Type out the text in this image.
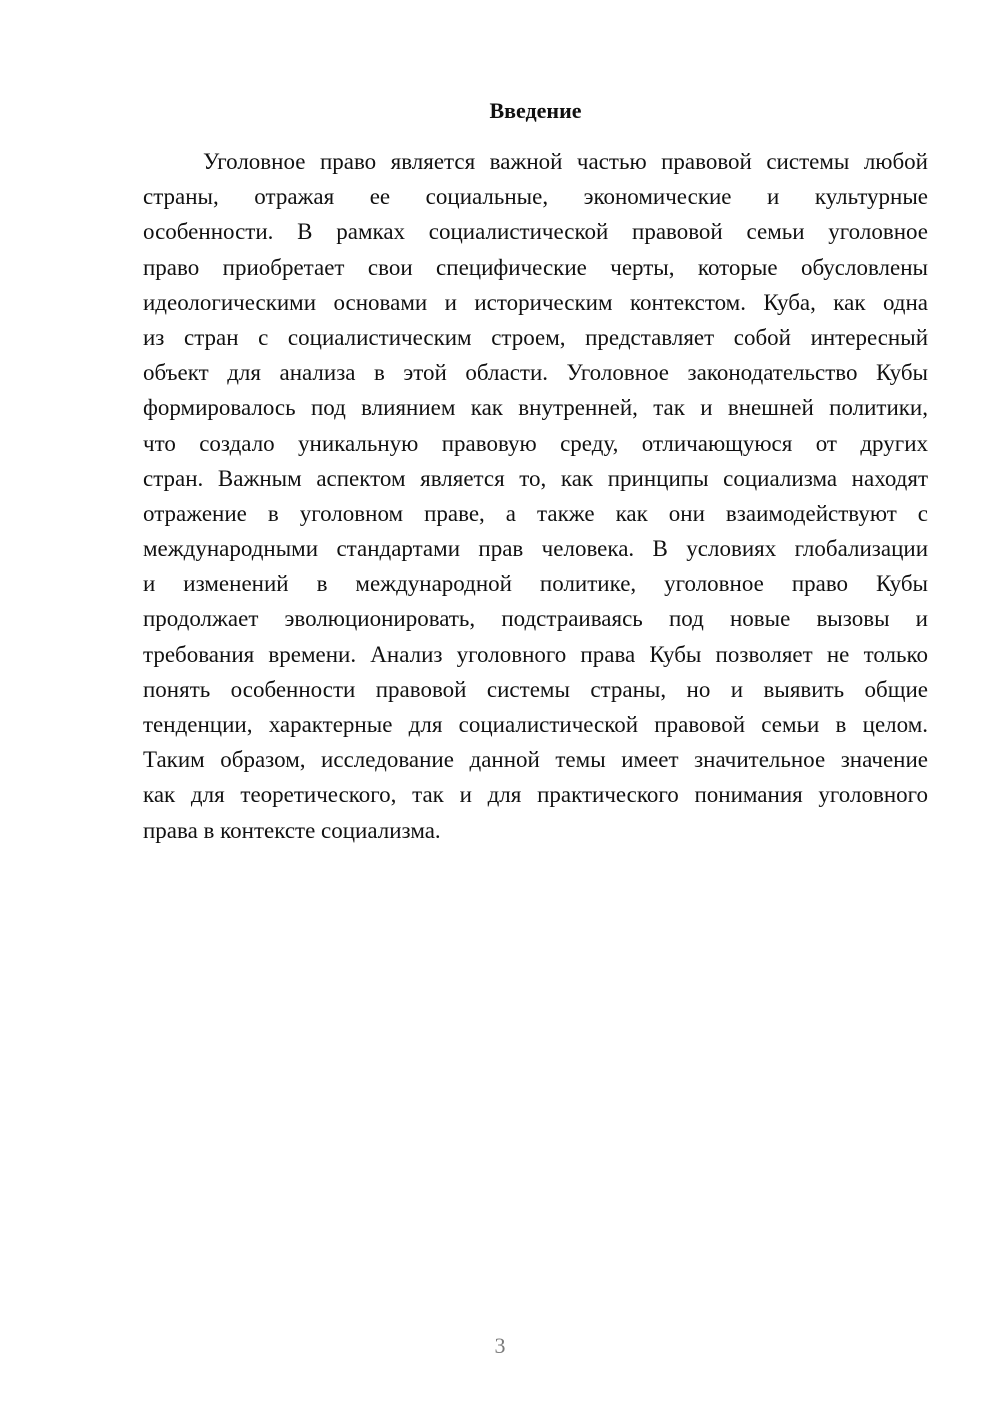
Введение
Уголовное право является важной частью правовой системы любой
страны, отражая ее социальные, экономические и культурные
особенности. В рамках социалистической правовой семьи уголовное
право приобретает свои специфические черты, которые обусловлены
идеологическими основами и историческим контекстом. Куба, как одна
из стран с социалистическим строем, представляет собой интересный
объект для анализа в этой области. Уголовное законодательство Кубы
формировалось под влиянием как внутренней, так и внешней политики,
что создало уникальную правовую среду, отличающуюся от других
стран. Важным аспектом является то, как принципы социализма находят
отражение в уголовном праве, а также как они взаимодействуют с
международными стандартами прав человека. В условиях глобализации
и изменений в международной политике, уголовное право Кубы
продолжает эволюционировать, подстраиваясь под новые вызовы и
требования времени. Анализ уголовного права Кубы позволяет не только
понять особенности правовой системы страны, но и выявить общие
тенденции, характерные для социалистической правовой семьи в целом.
Таким образом, исследование данной темы имеет значительное значение
как для теоретического, так и для практического понимания уголовного
права в контексте социализма.
3
